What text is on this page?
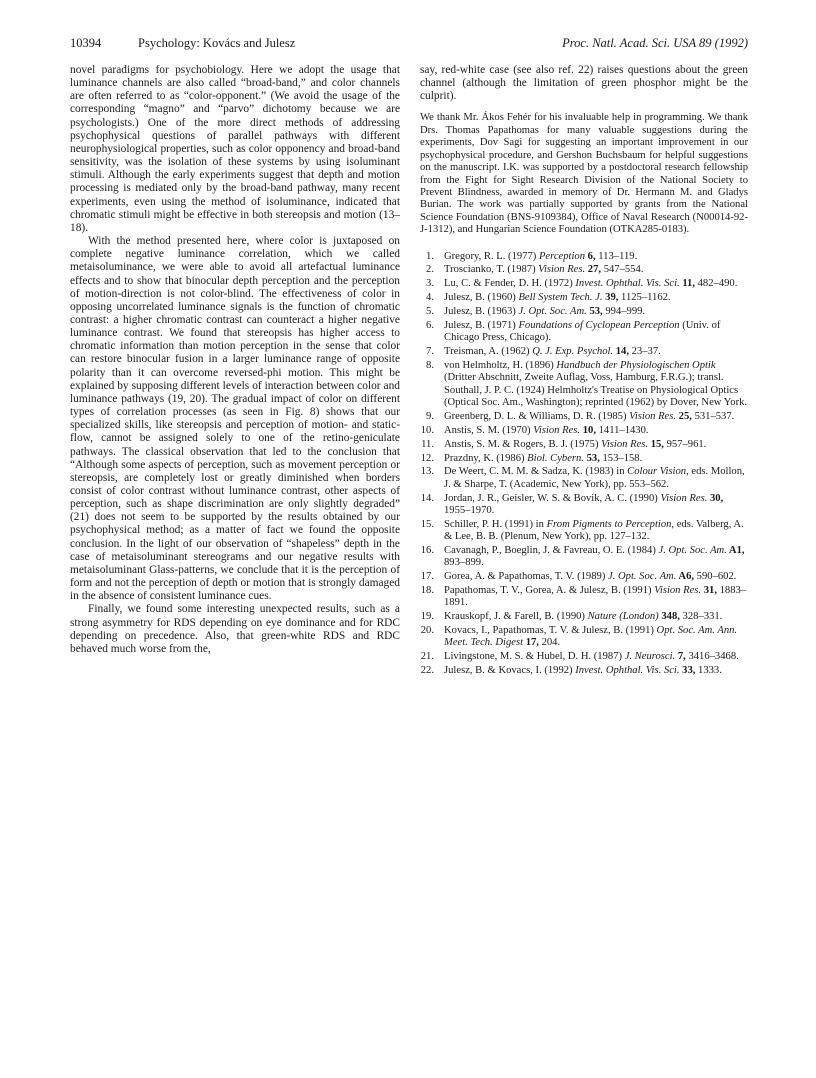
10394	Psychology: Kovács and Julesz	Proc. Natl. Acad. Sci. USA 89 (1992)

novel paradigms for psychobiology. Here we adopt the usage that luminance channels are also called “broad-band,” and color channels are often referred to as “color-opponent.” (We avoid the usage of the corresponding “magno” and “parvo” dichotomy because we are psychologists.) One of the more direct methods of addressing psychophysical questions of parallel pathways with different neurophysiological properties, such as color opponency and broad-band sensitivity, was the isolation of these systems by using isoluminant stimuli. Although the early experiments suggest that depth and motion processing is mediated only by the broad-band pathway, many recent experiments, even using the method of isoluminance, indicated that chromatic stimuli might be effective in both stereopsis and motion (13–18).

With the method presented here, where color is juxtaposed on complete negative luminance correlation, which we called metaisoluminance, we were able to avoid all artefactual luminance effects and to show that binocular depth perception and the perception of motion-direction is not color-blind. The effectiveness of color in opposing uncorrelated luminance signals is the function of chromatic contrast: a higher chromatic contrast can counteract a higher negative luminance contrast. We found that stereopsis has higher access to chromatic information than motion perception in the sense that color can restore binocular fusion in a larger luminance range of opposite polarity than it can overcome reversed-phi motion. This might be explained by supposing different levels of interaction between color and luminance pathways (19, 20). The gradual impact of color on different types of correlation processes (as seen in Fig. 8) shows that our specialized skills, like stereopsis and perception of motion- and static-flow, cannot be assigned solely to one of the retino-geniculate pathways. The classical observation that led to the conclusion that “Although some aspects of perception, such as movement perception or stereopsis, are completely lost or greatly diminished when borders consist of color contrast without luminance contrast, other aspects of perception, such as shape discrimination are only slightly degraded” (21) does not seem to be supported by the results obtained by our psychophysical method; as a matter of fact we found the opposite conclusion. In the light of our observation of “shapeless” depth in the case of metaisoluminant stereograms and our negative results with metaisoluminant Glass-patterns, we conclude that it is the perception of form and not the perception of depth or motion that is strongly damaged in the absence of consistent luminance cues.

Finally, we found some interesting unexpected results, such as a strong asymmetry for RDS depending on eye dominance and for RDC depending on precedence. Also, that green-white RDS and RDC behaved much worse from the,

say, red-white case (see also ref. 22) raises questions about the green channel (although the limitation of green phosphor might be the culprit).

We thank Mr. Ákos Fehér for his invaluable help in programming. We thank Drs. Thomas Papathomas for many valuable suggestions during the experiments, Dov Sagi for suggesting an important improvement in our psychophysical procedure, and Gershon Buchsbaum for helpful suggestions on the manuscript. I.K. was supported by a postdoctoral research fellowship from the Fight for Sight Research Division of the National Society to Prevent Blindness, awarded in memory of Dr. Hermann M. and Gladys Burian. The work was partially supported by grants from the National Science Foundation (BNS-9109384), Office of Naval Research (N00014-92-J-1312), and Hungarian Science Foundation (OTKA285-0183).

1. Gregory, R. L. (1977) Perception 6, 113–119.
2. Troscianko, T. (1987) Vision Res. 27, 547–554.
3. Lu, C. & Fender, D. H. (1972) Invest. Ophthal. Vis. Sci. 11, 482–490.
4. Julesz, B. (1960) Bell System Tech. J. 39, 1125–1162.
5. Julesz, B. (1963) J. Opt. Soc. Am. 53, 994–999.
6. Julesz, B. (1971) Foundations of Cyclopean Perception (Univ. of Chicago Press, Chicago).
7. Treisman, A. (1962) Q. J. Exp. Psychol. 14, 23–37.
8. von Helmholtz, H. (1896) Handbuch der Physiologischen Optik (Dritter Abschnitt, Zweite Auflag, Voss, Hamburg, F.R.G.); transl. Southall, J. P. C. (1924) Helmholtz's Treatise on Physiological Optics (Optical Soc. Am., Washington); reprinted (1962) by Dover, New York.
9. Greenberg, D. L. & Williams, D. R. (1985) Vision Res. 25, 531–537.
10. Anstis, S. M. (1970) Vision Res. 10, 1411–1430.
11. Anstis, S. M. & Rogers, B. J. (1975) Vision Res. 15, 957–961.
12. Prazdny, K. (1986) Biol. Cybern. 53, 153–158.
13. De Weert, C. M. M. & Sadza, K. (1983) in Colour Vision, eds. Mollon, J. & Sharpe, T. (Academic, New York), pp. 553–562.
14. Jordan, J. R., Geisler, W. S. & Bovik, A. C. (1990) Vision Res. 30, 1955–1970.
15. Schiller, P. H. (1991) in From Pigments to Perception, eds. Valberg, A. & Lee, B. B. (Plenum, New York), pp. 127–132.
16. Cavanagh, P., Boeglin, J. & Favreau, O. E. (1984) J. Opt. Soc. Am. A1, 893–899.
17. Gorea, A. & Papathomas, T. V. (1989) J. Opt. Soc. Am. A6, 590–602.
18. Papathomas, T. V., Gorea, A. & Julesz, B. (1991) Vision Res. 31, 1883–1891.
19. Krauskopf, J. & Farell, B. (1990) Nature (London) 348, 328–331.
20. Kovacs, I., Papathomas, T. V. & Julesz, B. (1991) Opt. Soc. Am. Ann. Meet. Tech. Digest 17, 204.
21. Livingstone, M. S. & Hubel, D. H. (1987) J. Neurosci. 7, 3416–3468.
22. Julesz, B. & Kovacs, I. (1992) Invest. Ophthal. Vis. Sci. 33, 1333.
